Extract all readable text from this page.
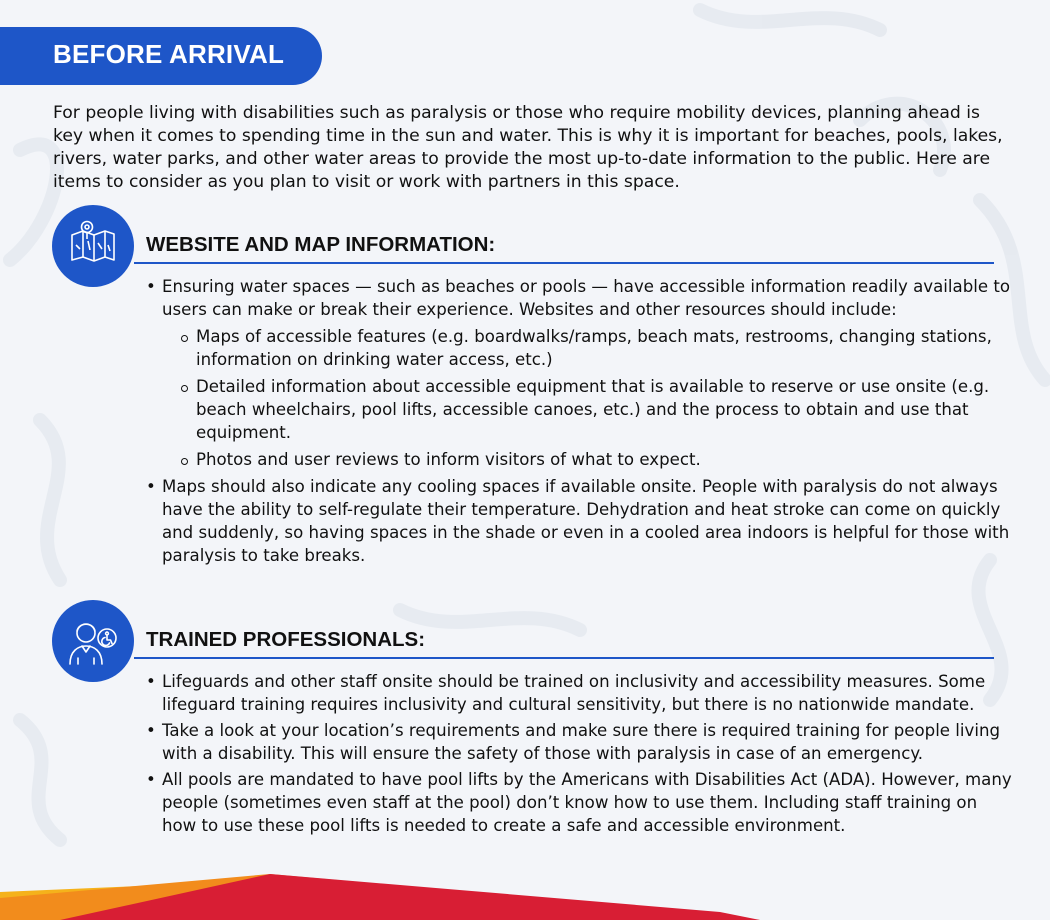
BEFORE ARRIVAL

For people living with disabilities such as paralysis or those who require mobility devices, planning ahead is key when it comes to spending time in the sun and water. This is why it is important for beaches, pools, lakes, rivers, water parks, and other water areas to provide the most up-to-date information to the public. Here are items to consider as you plan to visit or work with partners in this space.

WEBSITE AND MAP INFORMATION:
• Ensuring water spaces — such as beaches or pools — have accessible information readily available to users can make or break their experience. Websites and other resources should include:
Maps of accessible features (e.g. boardwalks/ramps, beach mats, restrooms, changing stations, information on drinking water access, etc.)
Detailed information about accessible equipment that is available to reserve or use onsite (e.g. beach wheelchairs, pool lifts, accessible canoes, etc.) and the process to obtain and use that equipment.
Photos and user reviews to inform visitors of what to expect.
• Maps should also indicate any cooling spaces if available onsite. People with paralysis do not always have the ability to self-regulate their temperature. Dehydration and heat stroke can come on quickly and suddenly, so having spaces in the shade or even in a cooled area indoors is helpful for those with paralysis to take breaks.
TRAINED PROFESSIONALS:
• Lifeguards and other staff onsite should be trained on inclusivity and accessibility measures. Some lifeguard training requires inclusivity and cultural sensitivity, but there is no nationwide mandate.
• Take a look at your location’s requirements and make sure there is required training for people living with a disability. This will ensure the safety of those with paralysis in case of an emergency.
• All pools are mandated to have pool lifts by the Americans with Disabilities Act (ADA). However, many people (sometimes even staff at the pool) don’t know how to use them. Including staff training on how to use these pool lifts is needed to create a safe and accessible environment.
